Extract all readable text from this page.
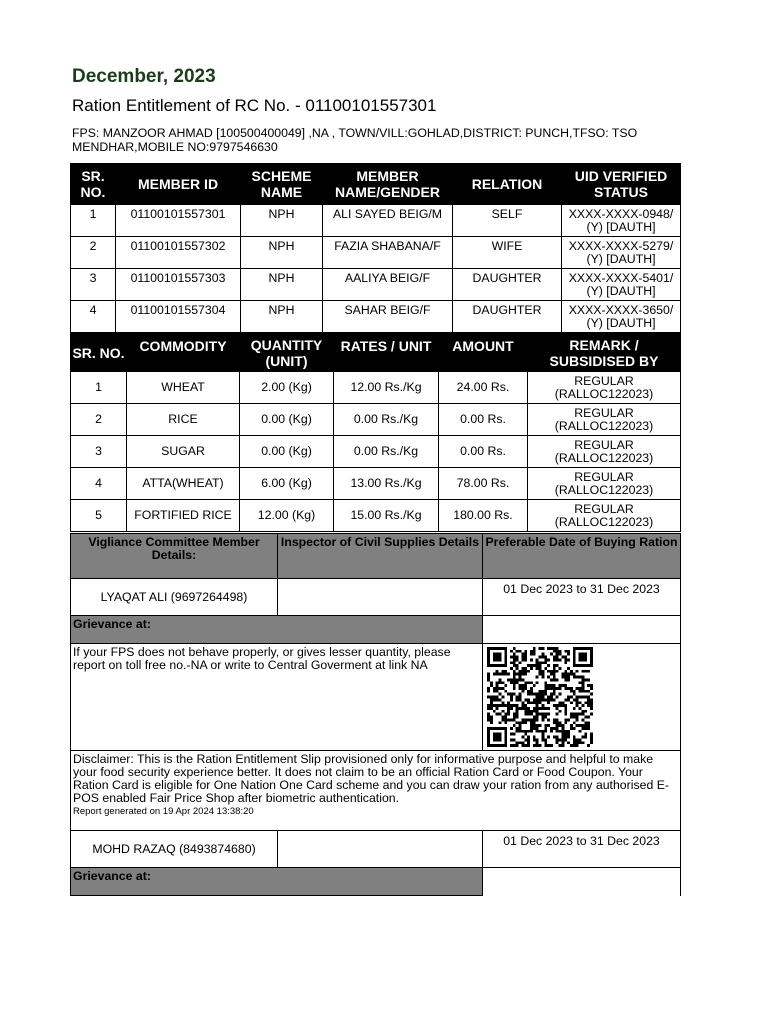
December, 2023
Ration Entitlement of RC No. - 01100101557301
FPS: MANZOOR AHMAD [100500400049] ,NA , TOWN/VILL:GOHLAD,DISTRICT: PUNCH,TFSO: TSO MENDHAR,MOBILE NO:9797546630
SR. NO.	MEMBER ID	SCHEME NAME	MEMBER NAME/GENDER	RELATION	UID VERIFIED STATUS
1	01100101557301	NPH	ALI SAYED BEIG/M	SELF	XXXX-XXXX-0948/ (Y) [DAUTH]
2	01100101557302	NPH	FAZIA SHABANA/F	WIFE	XXXX-XXXX-5279/ (Y) [DAUTH]
3	01100101557303	NPH	AALIYA BEIG/F	DAUGHTER	XXXX-XXXX-5401/ (Y) [DAUTH]
4	01100101557304	NPH	SAHAR BEIG/F	DAUGHTER	XXXX-XXXX-3650/ (Y) [DAUTH]
SR. NO.	COMMODITY	QUANTITY (UNIT)	RATES / UNIT	AMOUNT	REMARK / SUBSIDISED BY
1	WHEAT	2.00 (Kg)	12.00 Rs./Kg	24.00 Rs.	REGULAR (RALLOC122023)
2	RICE	0.00 (Kg)	0.00 Rs./Kg	0.00 Rs.	REGULAR (RALLOC122023)
3	SUGAR	0.00 (Kg)	0.00 Rs./Kg	0.00 Rs.	REGULAR (RALLOC122023)
4	ATTA(WHEAT)	6.00 (Kg)	13.00 Rs./Kg	78.00 Rs.	REGULAR (RALLOC122023)
5	FORTIFIED RICE	12.00 (Kg)	15.00 Rs./Kg	180.00 Rs.	REGULAR (RALLOC122023)
Vigliance Committee Member Details:	Inspector of Civil Supplies Details	Preferable Date of Buying Ration
LYAQAT ALI (9697264498)		01 Dec 2023 to 31 Dec 2023
Grievance at:		
If your FPS does not behave properly, or gives lesser quantity, please report on toll free no.-NA or write to Central Goverment at link NA	

Disclaimer: This is the Ration Entitlement Slip provisioned only for informative purpose and helpful to make your food security experience better. It does not claim to be an official Ration Card or Food Coupon. Your Ration Card is eligible for One Nation One Card scheme and you can draw your ration from any authorised E-POS enabled Fair Price Shop after biometric authentication.
Report generated on 19 Apr 2024 13:38:20		

MOHD RAZAQ (8493874680)		01 Dec 2023 to 31 Dec 2023
Grievance at:		
